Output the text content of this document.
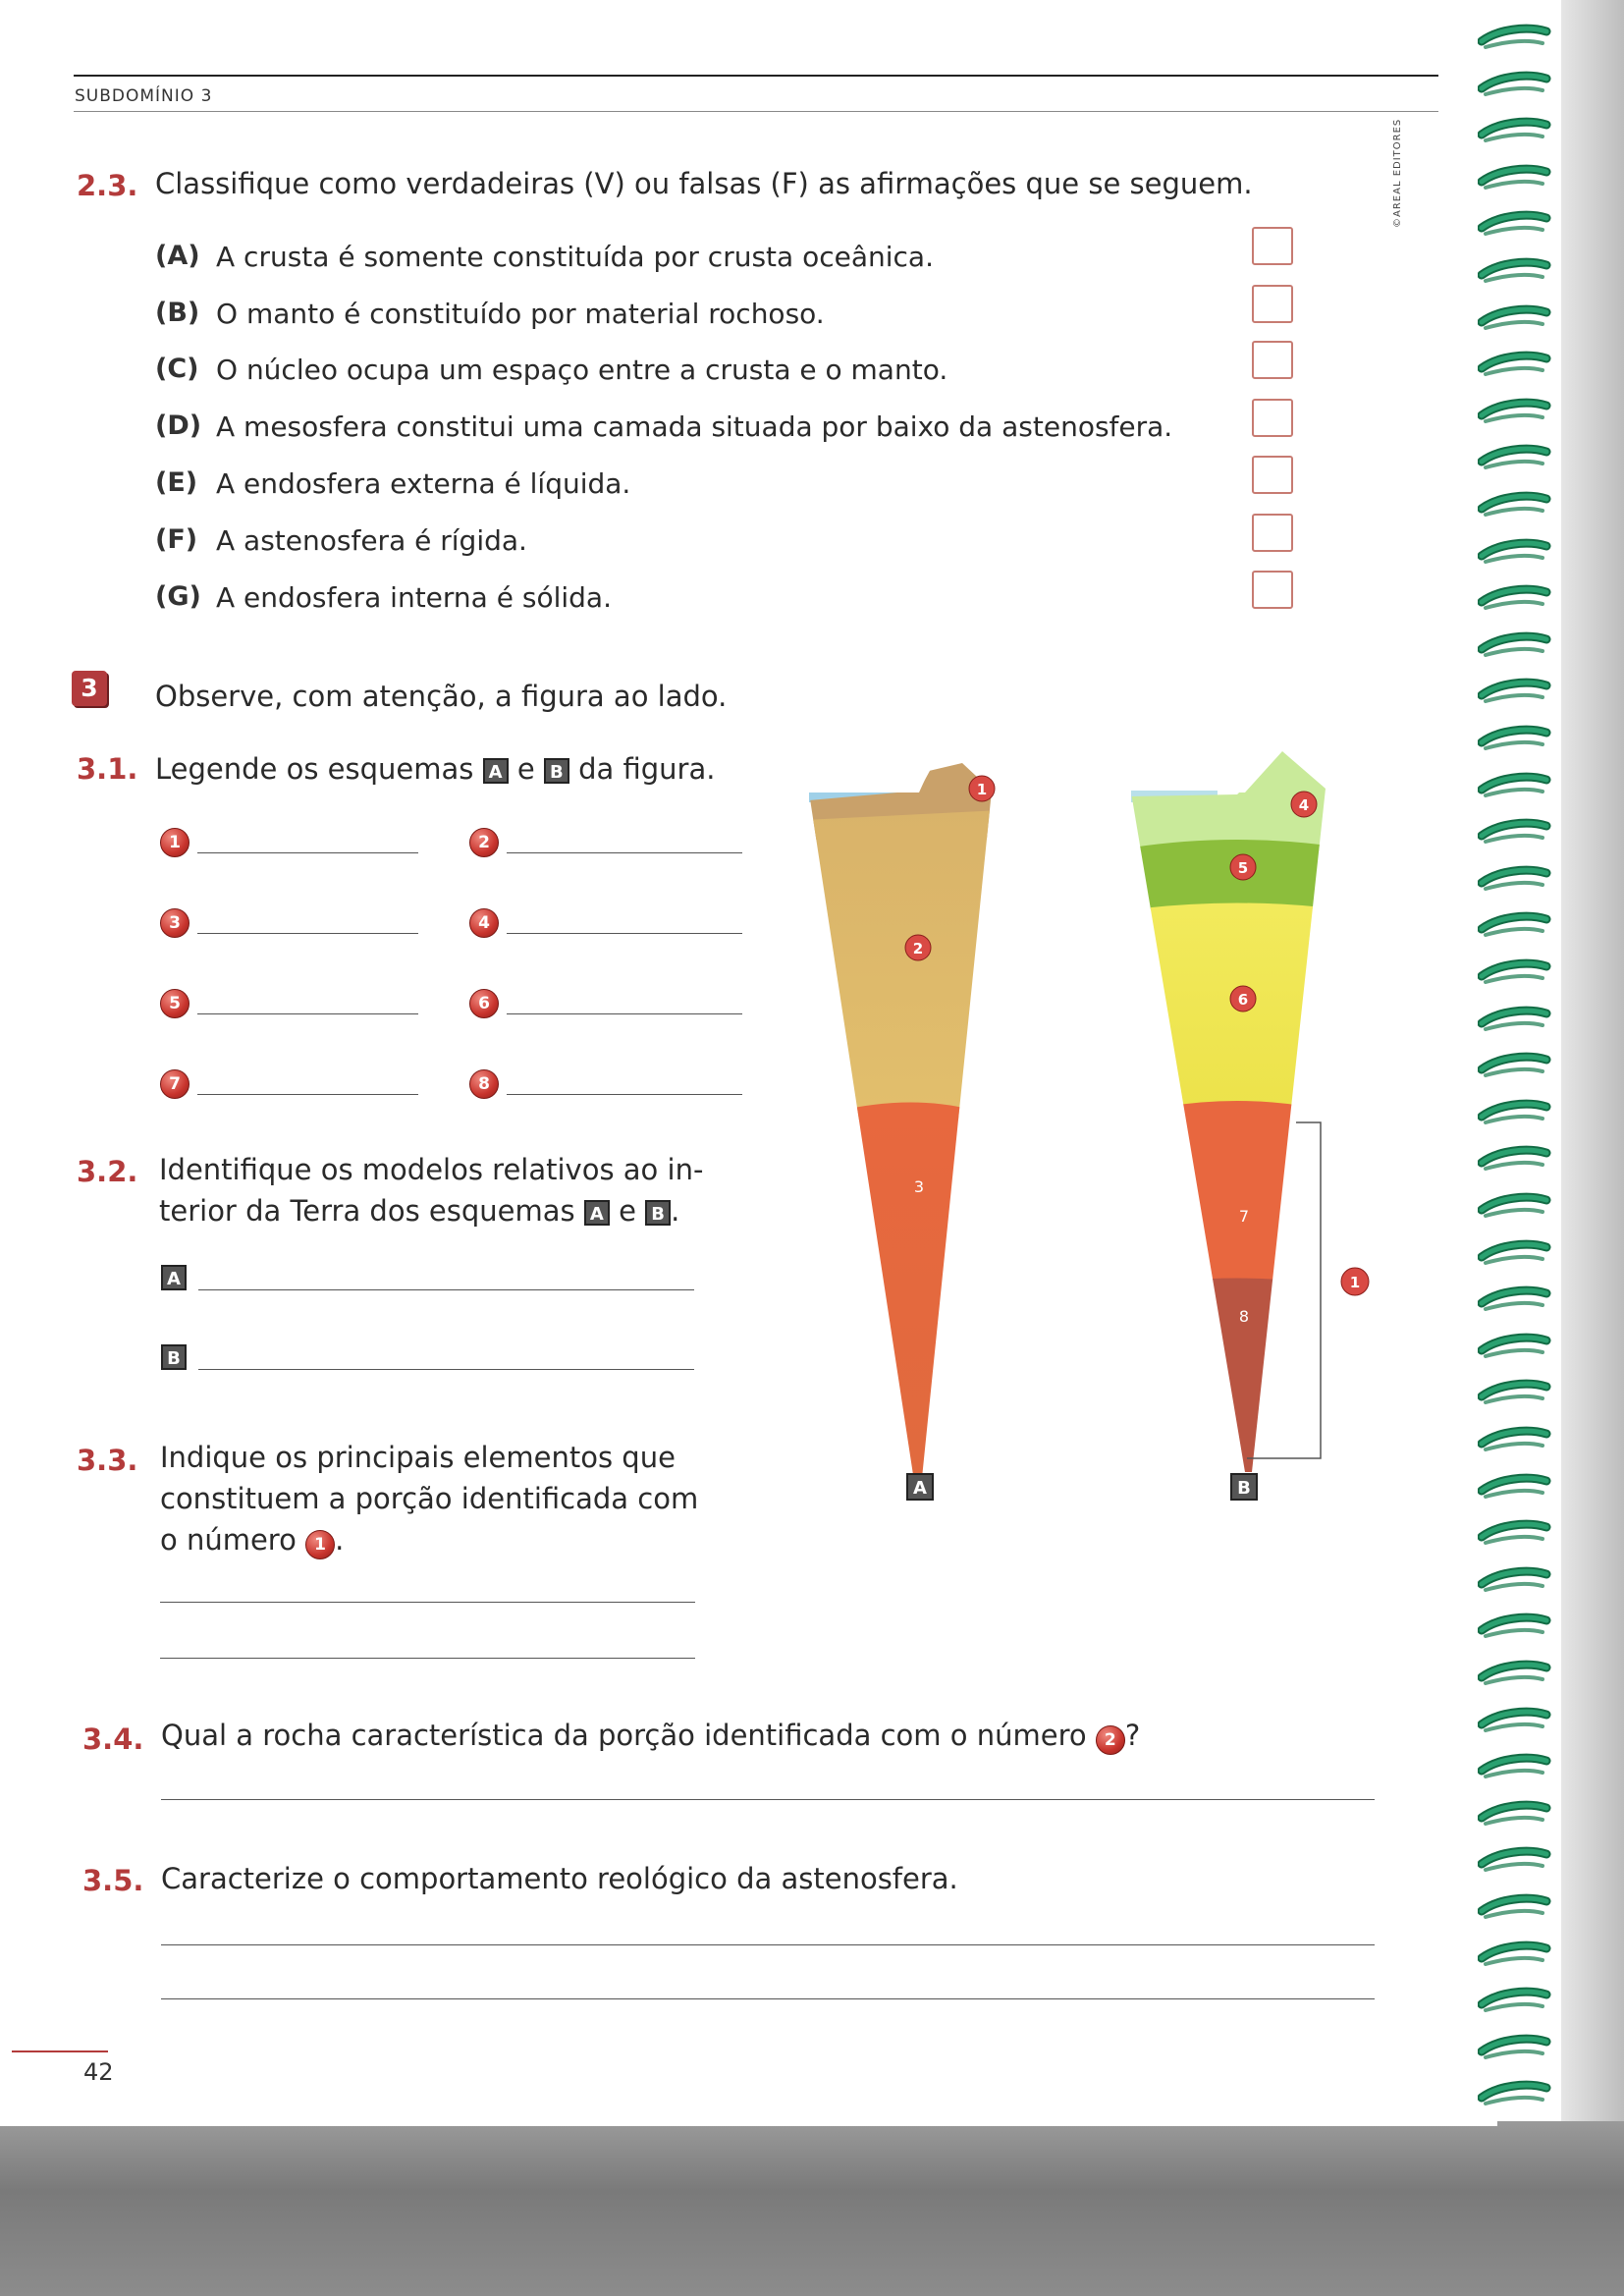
SUBDOMÍNIO 3
©AREAL EDITORES
2.3. Classifique como verdadeiras (V) ou falsas (F) as afirmações que se seguem.
(A) A crusta é somente constituída por crusta oceânica.
(B) O manto é constituído por material rochoso.
(C) O núcleo ocupa um espaço entre a crusta e o manto.
(D) A mesosfera constitui uma camada situada por baixo da astenosfera.
(E) A endosfera externa é líquida.
(F) A astenosfera é rígida.
(G) A endosfera interna é sólida.
3	Observe, com atenção, a figura ao lado.
3.1. Legende os esquemas A e B da figura.
1	2
3	4
5	6
7	8
3.2. Identifique os modelos relativos ao in-
terior da Terra dos esquemas A e B .
A
B
3.3. Indique os principais elementos que
constituem a porção identificada com
o número 1 .
3.4. Qual a rocha característica da porção identificada com o número 2 ?
3.5. Caracterize o comportamento reológico da astenosfera.
1
2
3
4
5
6
7
8
1
A	B
42
